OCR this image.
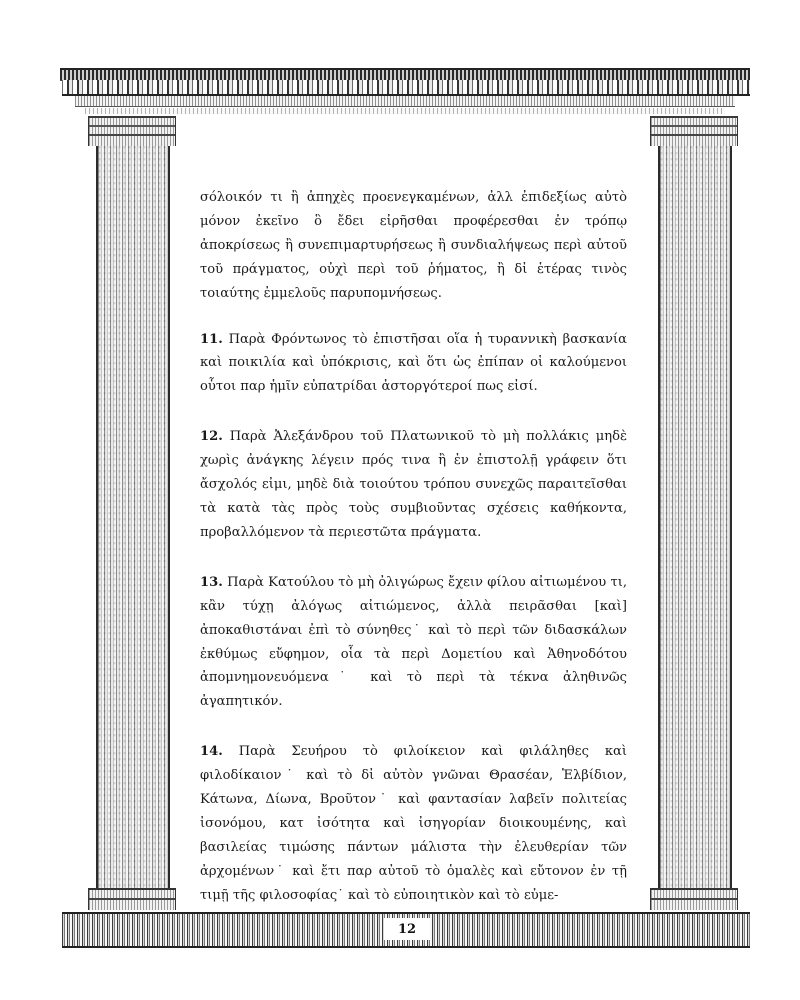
12

σόλοικόν τι ἢ ἀπηχὲς προενεγκαμένων, ἀλλ ἐπιδεξίως αὐτὸ μόνον ἐκεῖνο ὃ ἔδει εἰρῆσθαι προφέρεσθαι ἐν τρόπῳ ἀποκρίσεως ἢ συνεπιμαρτυρήσεως ἢ συνδιαλήψεως περὶ αὐτοῦ τοῦ πράγματος, οὐχὶ περὶ τοῦ ῥήματος, ἢ δἰ ἑτέρας τινὸς τοιαύτης ἐμμελοῦς παρυπομνήσεως.

11. Παρὰ Φρόντωνος τὸ ἐπιστῆσαι οἵα ἡ τυραννικὴ βασκανία καὶ ποικιλία καὶ ὑπόκρισις, καὶ ὅτι ὡς ἐπίπαν οἱ καλούμενοι οὗτοι παρ ἡμῖν εὐπατρίδαι ἀστοργότεροί πως εἰσί.

12. Παρὰ Ἀλεξάνδρου τοῦ Πλατωνικοῦ τὸ μὴ πολλάκις μηδὲ χωρὶς ἀνάγκης λέγειν πρός τινα ἢ ἐν ἐπιστολῇ γράφειν ὅτι ἄσχολός εἰμι, μηδὲ διὰ τοιούτου τρόπου συνεχῶς παραιτεῖσθαι τὰ κατὰ τὰς πρὸς τοὺς συμβιοῦντας σχέσεις καθήκοντα, προβαλλόμενον τὰ περιεστῶτα πράγματα.

13. Παρὰ Κατούλου τὸ μὴ ὀλιγώρως ἔχειν φίλου αἰτιωμένου τι, κἂν τύχῃ ἀλόγως αἰτιώμενος, ἀλλὰ πειρᾶσθαι [καὶ] ἀποκαθιστάναι ἐπὶ τὸ σύνηθες˙ καὶ τὸ περὶ τῶν διδασκάλων ἐκθύμως εὔφημον, οἷα τὰ περὶ Δομετίου καὶ Ἀθηνοδότου ἀπομνημονευόμενα˙ καὶ τὸ περὶ τὰ τέκνα ἀληθινῶς ἀγαπητικόν.

14. Παρὰ Σευήρου τὸ φιλοίκειον καὶ φιλάληθες καὶ φιλοδίκαιον˙ καὶ τὸ δἰ αὐτὸν γνῶναι Θρασέαν, Ἑλβίδιον, Κάτωνα, Δίωνα, Βροῦτον˙ καὶ φαντασίαν λαβεῖν πολιτείας ἰσονόμου, κατ ἰσότητα καὶ ἰσηγορίαν διοικουμένης, καὶ βασιλείας τιμώσης πάντων μάλιστα τὴν ἐλευθερίαν τῶν ἀρχομένων˙ καὶ ἔτι παρ αὐτοῦ τὸ ὁμαλὲς καὶ εὔτονον ἐν τῇ τιμῇ τῆς φιλοσοφίας˙ καὶ τὸ εὐποιητικὸν καὶ τὸ εὐμε-
